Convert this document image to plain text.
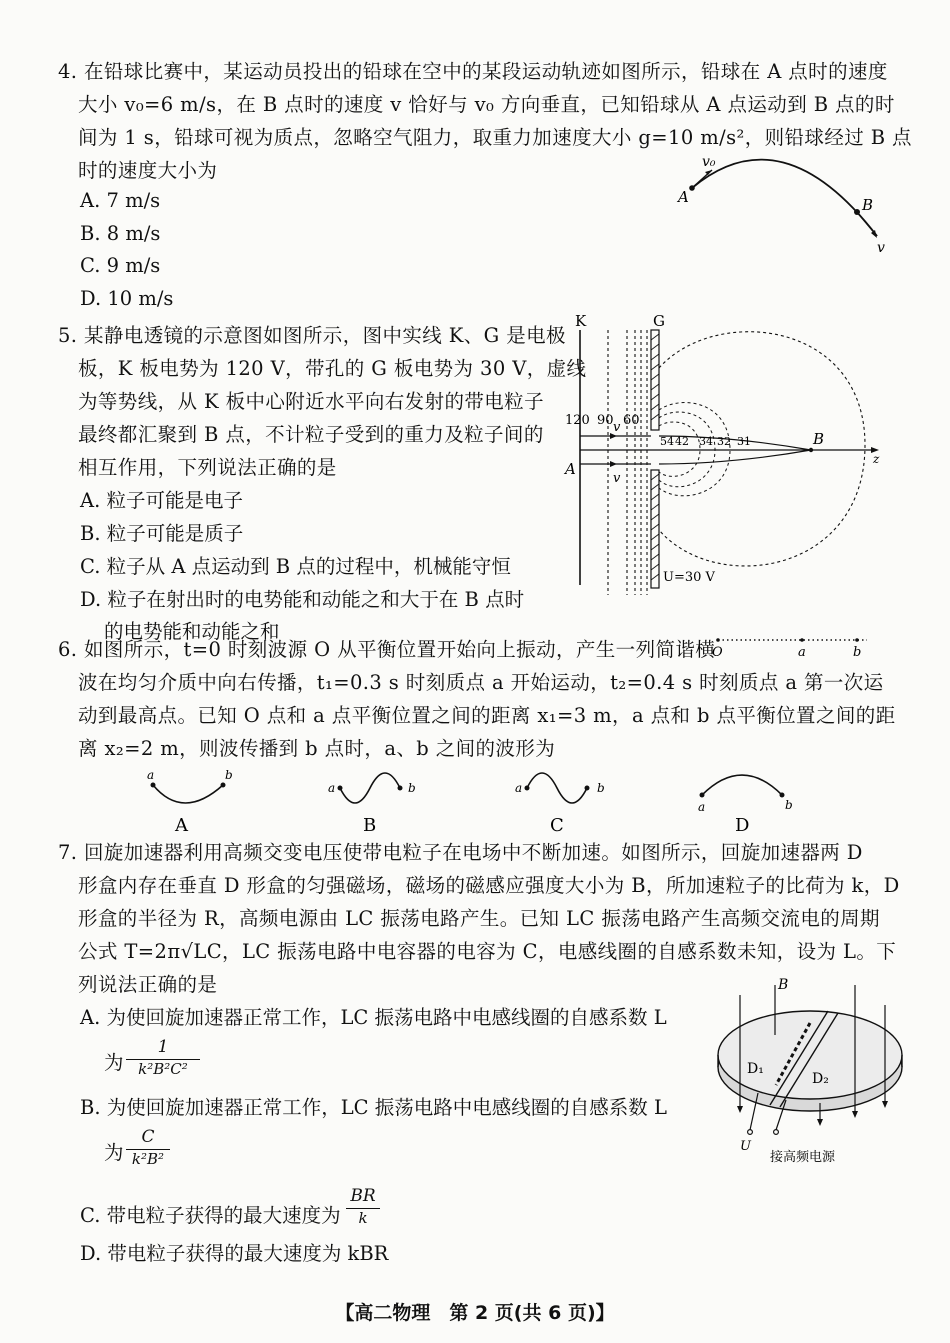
4. 在铅球比赛中，某运动员投出的铅球在空中的某段运动轨迹如图所示，铅球在 A 点时的速度
大小 v₀=6 m/s，在 B 点时的速度 v 恰好与 v₀ 方向垂直，已知铅球从 A 点运动到 B 点的时
间为 1 s，铅球可视为质点，忽略空气阻力，取重力加速度大小 g=10 m/s²，则铅球经过 B 点
时的速度大小为
A. 7 m/s
B. 8 m/s
C. 9 m/s
D. 10 m/s
A	B
v₀
v
5. 某静电透镜的示意图如图所示，图中实线 K、G 是电极
板，K 板电势为 120 V，带孔的 G 板电势为 30 V，虚线
为等势线，从 K 板中心附近水平向右发射的带电粒子
最终都汇聚到 B 点，不计粒子受到的重力及粒子间的
相互作用，下列说法正确的是
A. 粒子可能是电子
B. 粒子可能是质子
C. 粒子从 A 点运动到 B 点的过程中，机械能守恒
D. 粒子在射出时的电势能和动能之和大于在 B 点时
的电势能和动能之和
K	G
z
B
A
v
v
120 90 60
54 42 34 32 31
U=30 V
6. 如图所示，t=0 时刻波源 O 从平衡位置开始向上振动，产生一列简谐横
波在均匀介质中向右传播，t₁=0.3 s 时刻质点 a 开始运动，t₂=0.4 s 时刻质点 a 第一次运
动到最高点。已知 O 点和 a 点平衡位置之间的距离 x₁=3 m，a 点和 b 点平衡位置之间的距
离 x₂=2 m，则波传播到 b 点时，a、b 之间的波形为
O	a	b
a	b
A
a	b
B
a	b
C
a	b
D
7. 回旋加速器利用高频交变电压使带电粒子在电场中不断加速。如图所示，回旋加速器两 D
形盒内存在垂直 D 形盒的匀强磁场，磁场的磁感应强度大小为 B，所加速粒子的比荷为 k，D
形盒的半径为 R，高频电源由 LC 振荡电路产生。已知 LC 振荡电路产生高频交流电的周期
公式 T=2π√LC，LC 振荡电路中电容器的电容为 C，电感线圈的自感系数未知，设为 L。下
列说法正确的是
A. 为使回旋加速器正常工作，LC 振荡电路中电感线圈的自感系数 L
为
1
k²B²C²
B. 为使回旋加速器正常工作，LC 振荡电路中电感线圈的自感系数 L
为
C
k²B²
C. 带电粒子获得的最大速度为
BR
k
D. 带电粒子获得的最大速度为 kBR
B
D₁
D₂
U
接高频电源
【高二物理　第 2 页(共 6 页)】
